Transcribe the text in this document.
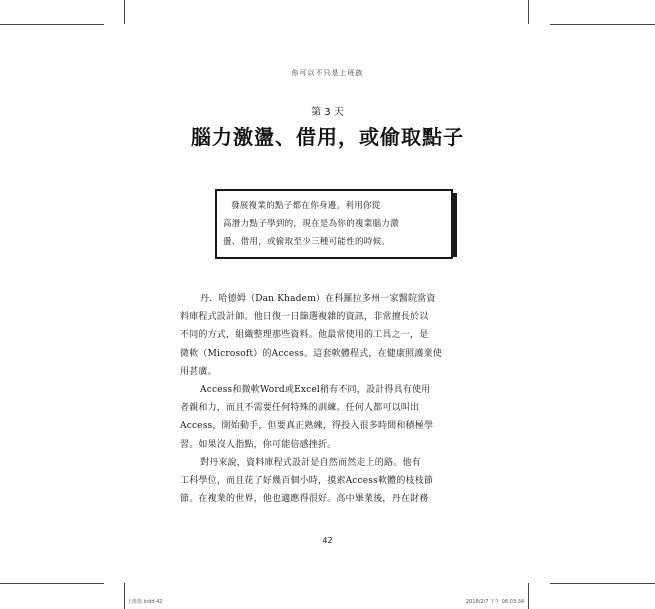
你可以不只是上班族
第 3 天
腦力激盪、借用，或偷取點子
發展複業的點子都在你身邊。利用你從
高潛力點子學到的，現在是為你的複業腦力激
盪、借用，或偷取至少三種可能性的時候。
丹．哈德姆（Dan Khadem）在科羅拉多州一家醫院當資
料庫程式設計師。他日復一日篩選複雜的資訊，非常擅長於以
不同的方式，組織整理那些資料。他最常使用的工具之一，是
微軟（Microsoft）的Access。這套軟體程式，在健康照護業使
用甚廣。
Access和微軟Word或Excel稍有不同，設計得具有使用
者親和力，而且不需要任何特殊的訓練。任何人都可以叫出
Access，開始動手，但要真正熟練，得投入很多時間和積極學
習。如果沒人指點，你可能倍感挫折。
對丹來說，資料庫程式設計是自然而然走上的路。他有
工科學位，而且花了好幾百個小時，摸索Access軟體的枝枝節
節。在複業的世界，他也適應得很好。高中畢業後，丹在財務
42
上班族.indd 42	2018/2/7 下午 06:03:34
